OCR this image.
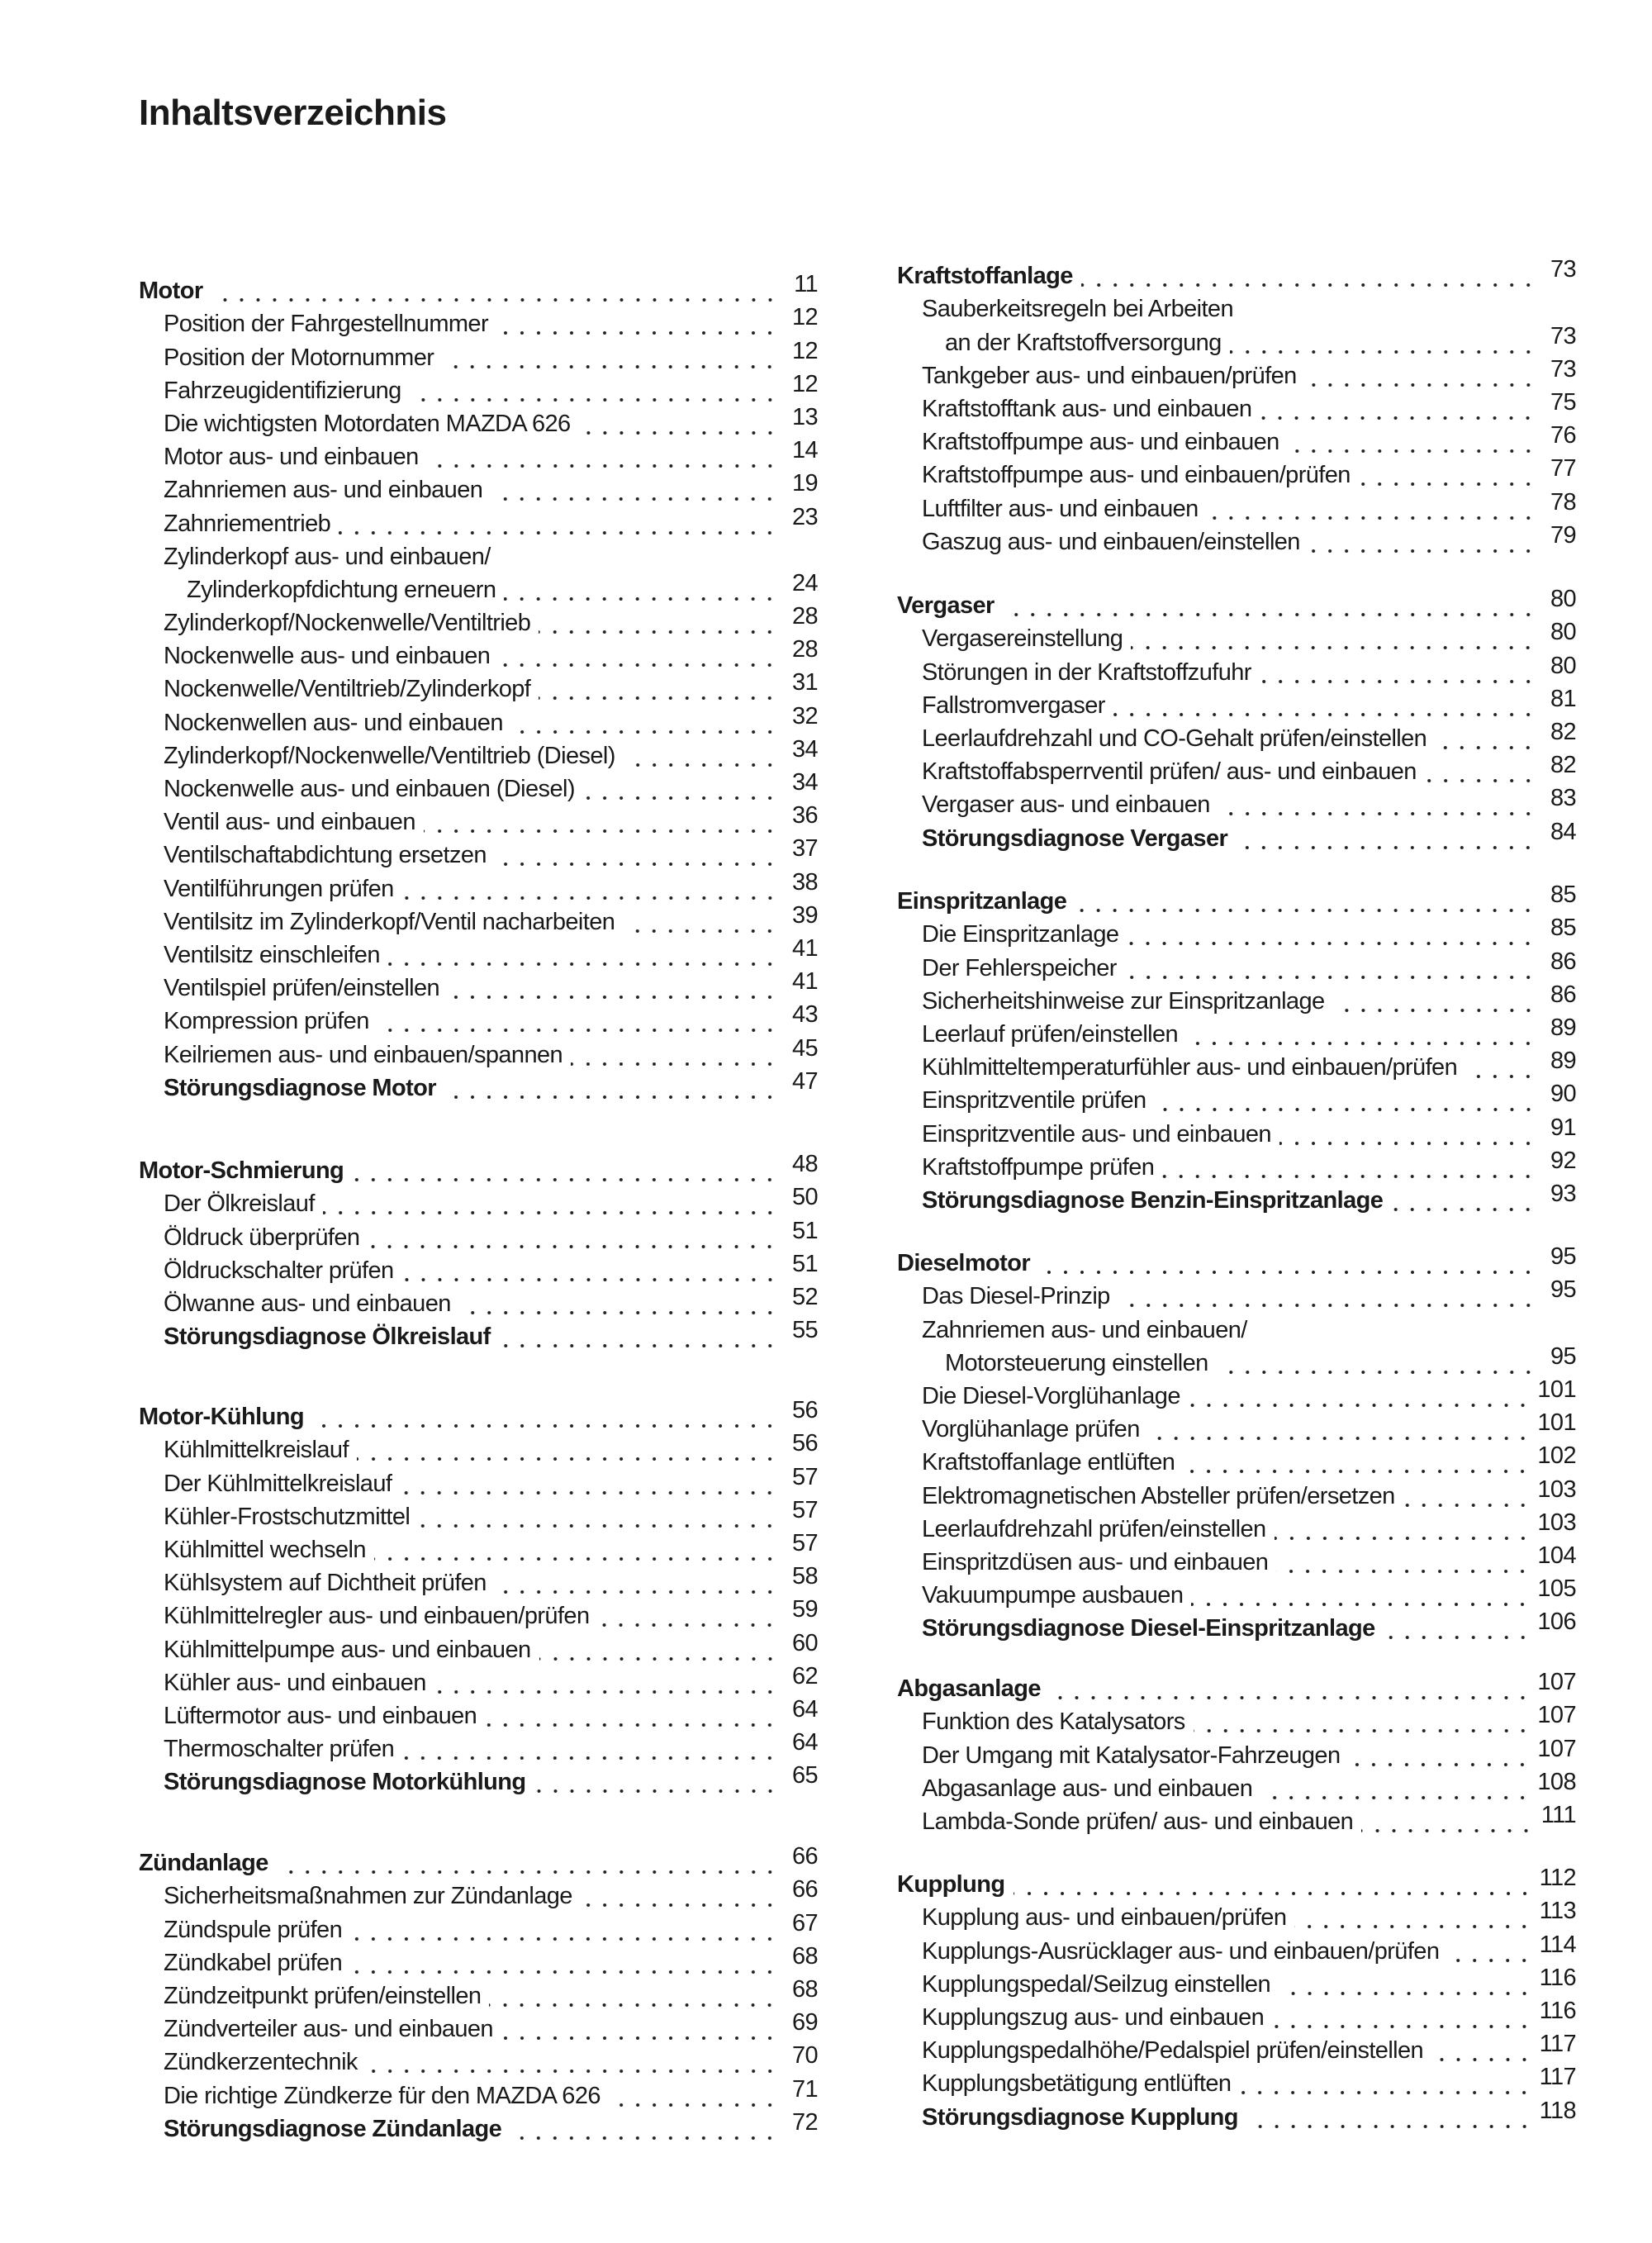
Inhaltsverzeichnis
Motor	11
Position der Fahrgestellnummer	12
Position der Motornummer	12
Fahrzeugidentifizierung	12
Die wichtigsten Motordaten MAZDA 626	13
Motor aus- und einbauen	14
Zahnriemen aus- und einbauen	19
Zahnriementrieb	23
Zylinderkopf aus- und einbauen/
Zylinderkopfdichtung erneuern	24
Zylinderkopf/Nockenwelle/Ventiltrieb	28
Nockenwelle aus- und einbauen	28
Nockenwelle/Ventiltrieb/Zylinderkopf	31
Nockenwellen aus- und einbauen	32
Zylinderkopf/Nockenwelle/Ventiltrieb (Diesel)	34
Nockenwelle aus- und einbauen (Diesel)	34
Ventil aus- und einbauen	36
Ventilschaftabdichtung ersetzen	37
Ventilführungen prüfen	38
Ventilsitz im Zylinderkopf/Ventil nacharbeiten	39
Ventilsitz einschleifen	41
Ventilspiel prüfen/einstellen	41
Kompression prüfen	43
Keilriemen aus- und einbauen/spannen	45
Störungsdiagnose Motor	47
Motor-Schmierung	48
Der Ölkreislauf	50
Öldruck überprüfen	51
Öldruckschalter prüfen	51
Ölwanne aus- und einbauen	52
Störungsdiagnose Ölkreislauf	55
Motor-Kühlung	56
Kühlmittelkreislauf	56
Der Kühlmittelkreislauf	57
Kühler-Frostschutzmittel	57
Kühlmittel wechseln	57
Kühlsystem auf Dichtheit prüfen	58
Kühlmittelregler aus- und einbauen/prüfen	59
Kühlmittelpumpe aus- und einbauen	60
Kühler aus- und einbauen	62
Lüftermotor aus- und einbauen	64
Thermoschalter prüfen	64
Störungsdiagnose Motorkühlung	65
Zündanlage	66
Sicherheitsmaßnahmen zur Zündanlage	66
Zündspule prüfen	67
Zündkabel prüfen	68
Zündzeitpunkt prüfen/einstellen	68
Zündverteiler aus- und einbauen	69
Zündkerzentechnik	70
Die richtige Zündkerze für den MAZDA 626	71
Störungsdiagnose Zündanlage	72
Kraftstoffanlage	73
Sauberkeitsregeln bei Arbeiten
an der Kraftstoffversorgung	73
Tankgeber aus- und einbauen/prüfen	73
Kraftstofftank aus- und einbauen	75
Kraftstoffpumpe aus- und einbauen	76
Kraftstoffpumpe aus- und einbauen/prüfen	77
Luftfilter aus- und einbauen	78
Gaszug aus- und einbauen/einstellen	79
Vergaser	80
Vergasereinstellung	80
Störungen in der Kraftstoffzufuhr	80
Fallstromvergaser	81
Leerlaufdrehzahl und CO-Gehalt prüfen/einstellen	82
Kraftstoffabsperrventil prüfen/ aus- und einbauen	82
Vergaser aus- und einbauen	83
Störungsdiagnose Vergaser	84
Einspritzanlage	85
Die Einspritzanlage	85
Der Fehlerspeicher	86
Sicherheitshinweise zur Einspritzanlage	86
Leerlauf prüfen/einstellen	89
Kühlmitteltemperaturfühler aus- und einbauen/prüfen	89
Einspritzventile prüfen	90
Einspritzventile aus- und einbauen	91
Kraftstoffpumpe prüfen	92
Störungsdiagnose Benzin-Einspritzanlage	93
Dieselmotor	95
Das Diesel-Prinzip	95
Zahnriemen aus- und einbauen/
Motorsteuerung einstellen	95
Die Diesel-Vorglühanlage	101
Vorglühanlage prüfen	101
Kraftstoffanlage entlüften	102
Elektromagnetischen Absteller prüfen/ersetzen	103
Leerlaufdrehzahl prüfen/einstellen	103
Einspritzdüsen aus- und einbauen	104
Vakuumpumpe ausbauen	105
Störungsdiagnose Diesel-Einspritzanlage	106
Abgasanlage	107
Funktion des Katalysators	107
Der Umgang mit Katalysator-Fahrzeugen	107
Abgasanlage aus- und einbauen	108
Lambda-Sonde prüfen/ aus- und einbauen	111
Kupplung	112
Kupplung aus- und einbauen/prüfen	113
Kupplungs-Ausrücklager aus- und einbauen/prüfen	114
Kupplungspedal/Seilzug einstellen	116
Kupplungszug aus- und einbauen	116
Kupplungspedalhöhe/Pedalspiel prüfen/einstellen	117
Kupplungsbetätigung entlüften	117
Störungsdiagnose Kupplung	118
